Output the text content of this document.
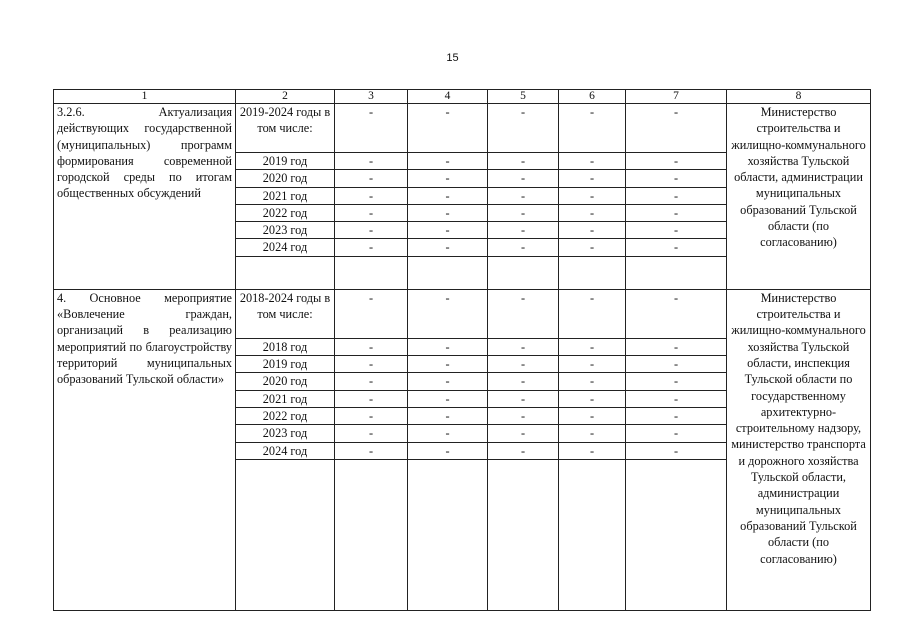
15
1	2	3	4	5	6	7	8
3.2.6. Актуализация действующих государственной (муниципальных) программ формирования современной городской среды по итогам общественных обсуждений	2019-2024 годы в том числе:	-	-	-	-	-	Министерство строительства и жилищно-коммунального хозяйства Тульской области, администрации муниципальных образований Тульской области (по согласованию)
	2019 год	-	-	-	-	-	
	2020 год	-	-	-	-	-	
	2021 год	-	-	-	-	-	
	2022 год	-	-	-	-	-	
	2023 год	-	-	-	-	-	
	2024 год	-	-	-	-	-	

4. Основное мероприятие «Вовлечение граждан, организаций в реализацию мероприятий по благоустройству территорий муниципальных образований Тульской области»	2018-2024 годы в том числе:	-	-	-	-	-	Министерство строительства и жилищно-коммунального хозяйства Тульской области, инспекция Тульской области по государственному архитектурно-строительному надзору, министерство транспорта и дорожного хозяйства Тульской области, администрации муниципальных образований Тульской области (по согласованию)
	2018 год	-	-	-	-	-	
	2019 год	-	-	-	-	-	
	2020 год	-	-	-	-	-	
	2021 год	-	-	-	-	-	
	2022 год	-	-	-	-	-	
	2023 год	-	-	-	-	-	
	2024 год	-	-	-	-	-	
